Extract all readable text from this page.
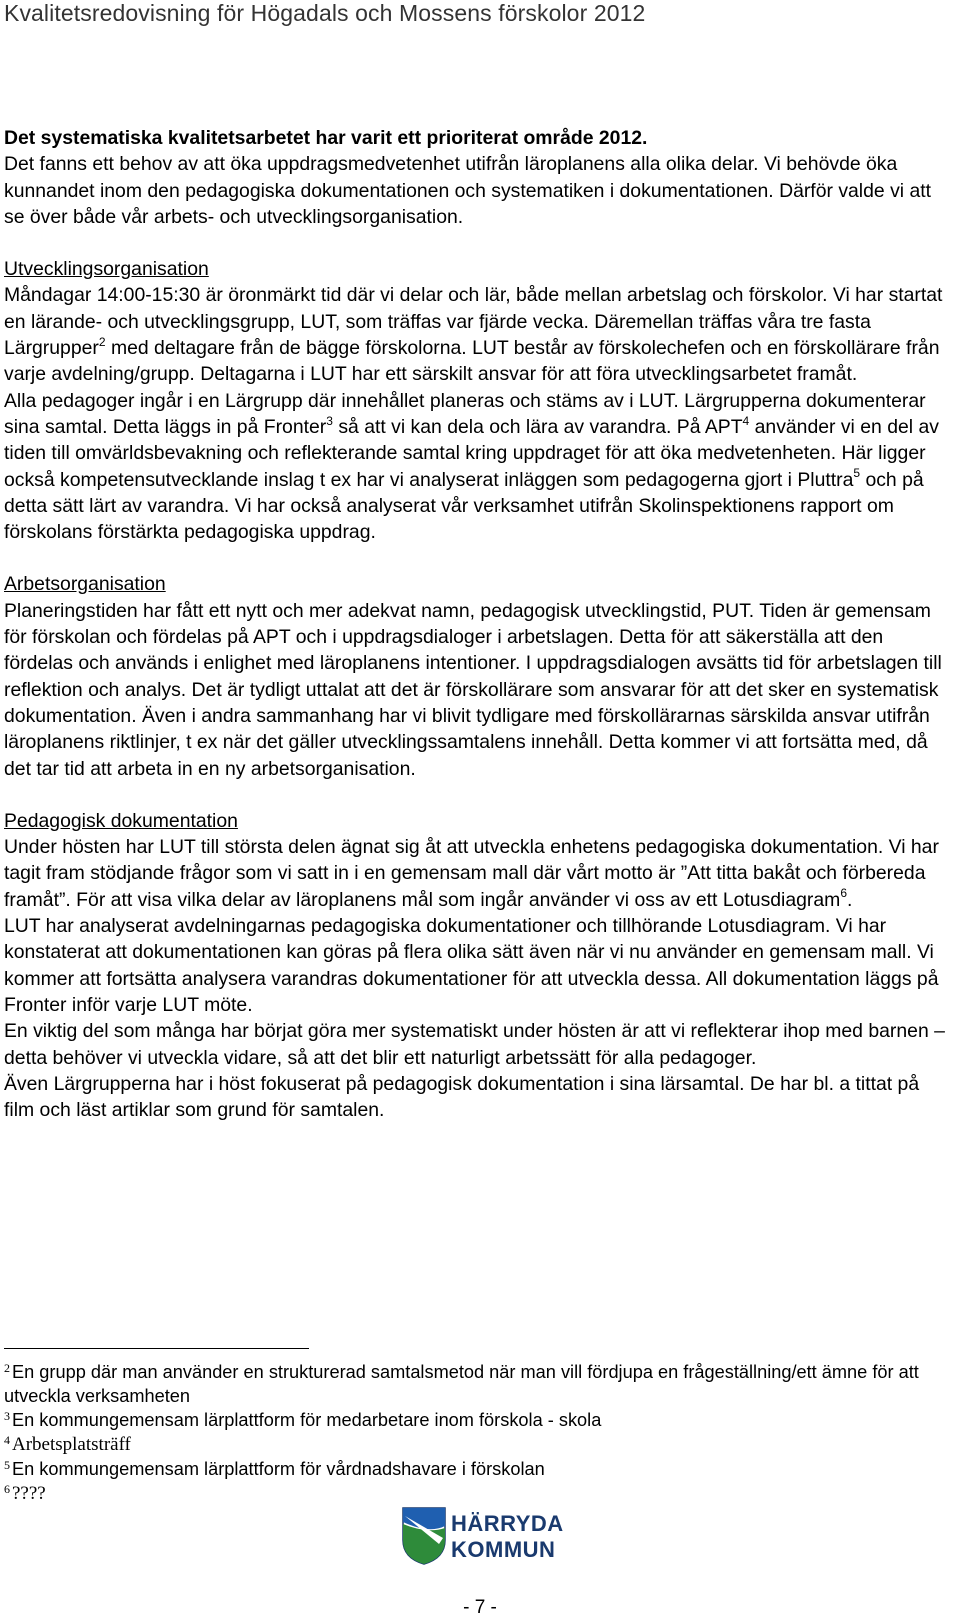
Kvalitetsredovisning för Högadals och Mossens förskolor 2012

Det systematiska kvalitetsarbetet har varit ett prioriterat område 2012.

Det fanns ett behov av att öka uppdragsmedvetenhet utifrån läroplanens alla olika delar. Vi behövde öka kunnandet inom den pedagogiska dokumentationen och systematiken i dokumentationen. Därför valde vi att se över både vår arbets- och utvecklingsorganisation.

Utvecklingsorganisation

Måndagar 14:00-15:30 är öronmärkt tid där vi delar och lär, både mellan arbetslag och förskolor. Vi har startat en lärande- och utvecklingsgrupp, LUT, som träffas var fjärde vecka. Däremellan träffas våra tre fasta Lärgrupper$^2$ med deltagare från de bägge förskolorna. LUT består av förskolechefen och en förskollärare från varje avdelning/grupp. Deltagarna i LUT har ett särskilt ansvar för att föra utvecklingsarbetet framåt.

Alla pedagoger ingår i en Lärgrupp där innehållet planeras och stäms av i LUT. Lärgrupperna dokumenterar sina samtal. Detta läggs in på Fronter$^3$ så att vi kan dela och lära av varandra. På APT$^4$ använder vi en del av tiden till omvärldsbevakning och reflekterande samtal kring uppdraget för att öka medvetenheten. Här ligger också kompetensutvecklande inslag t ex har vi analyserat inläggen som pedagogerna gjort i Pluttra$^5$ och på detta sätt lärt av varandra. Vi har också analyserat vår verksamhet utifrån Skolinspektionens rapport om förskolans förstärkta pedagogiska uppdrag.

Arbetsorganisation

Planeringstiden har fått ett nytt och mer adekvat namn, pedagogisk utvecklingstid, PUT. Tiden är gemensam för förskolan och fördelas på APT och i uppdragsdialoger i arbetslagen. Detta för att säkerställa att den fördelas och används i enlighet med läroplanens intentioner. I uppdragsdialogen avsätts tid för arbetslagen till reflektion och analys. Det är tydligt uttalat att det är förskollärare som ansvarar för att det sker en systematisk dokumentation. Även i andra sammanhang har vi blivit tydligare med förskollärarnas särskilda ansvar utifrån läroplanens riktlinjer, t ex när det gäller utvecklingssamtalens innehåll. Detta kommer vi att fortsätta med, då det tar tid att arbeta in en ny arbetsorganisation.

Pedagogisk dokumentation

Under hösten har LUT till största delen ägnat sig åt att utveckla enhetens pedagogiska dokumentation. Vi har tagit fram stödjande frågor som vi satt in i en gemensam mall där vårt motto är ”Att titta bakåt och förbereda framåt”. För att visa vilka delar av läroplanens mål som ingår använder vi oss av ett Lotusdiagram$^6$.

LUT har analyserat avdelningarnas pedagogiska dokumentationer och tillhörande Lotusdiagram. Vi har konstaterat att dokumentationen kan göras på flera olika sätt även när vi nu använder en gemensam mall. Vi kommer att fortsätta analysera varandras dokumentationer för att utveckla dessa. All dokumentation läggs på Fronter inför varje LUT möte.

En viktig del som många har börjat göra mer systematiskt under hösten är att vi reflekterar ihop med barnen – detta behöver vi utveckla vidare, så att det blir ett naturligt arbetssätt för alla pedagoger.

Även Lärgrupperna har i höst fokuserat på pedagogisk dokumentation i sina lärsamtal. De har bl. a tittat på film och läst artiklar som grund för samtalen.

$^2$ En grupp där man använder en strukturerad samtalsmetod när man vill fördjupa en frågeställning/ett ämne för att utveckla verksamheten

$^3$ En kommungemensam lärplattform för medarbetare inom förskola - skola

$^4$ Arbetsplatsträff

$^5$ En kommungemensam lärplattform för vårdnadshavare i förskolan

$^6$ ????

HÄRRYDA
KOMMUN
- 7 -
